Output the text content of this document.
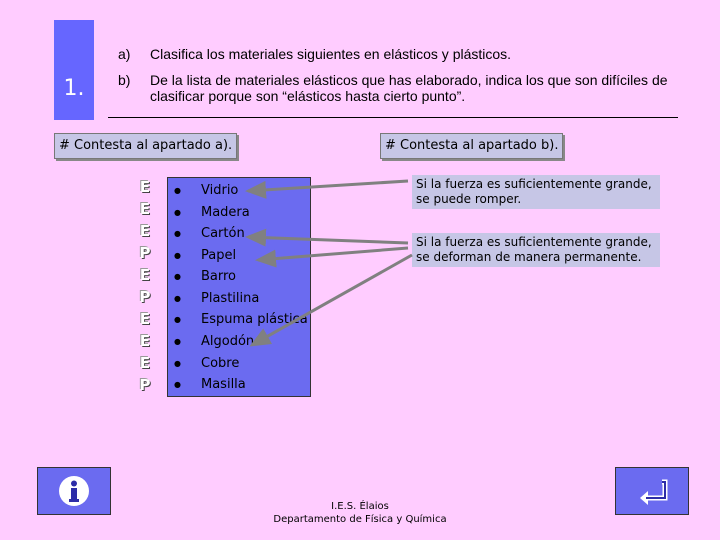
1.
a) Clasifica los materiales siguientes en elásticos y plásticos.
b) De la lista de materiales elásticos que has elaborado, indica los que son difíciles de clasificar porque son “elásticos hasta cierto punto”.
# Contesta al apartado a).	# Contesta al apartado b).
E
E
E
P
E
P
E
E
E
P
● Vidrio
● Madera
● Cartón
● Papel
● Barro
● Plastilina
● Espuma plástica
● Algodón
● Cobre
● Masilla
Si la fuerza es suficientemente grande, se puede romper.
Si la fuerza es suficientemente grande, se deforman de manera permanente.
I.E.S. Élaios
Departamento de Física y Química
